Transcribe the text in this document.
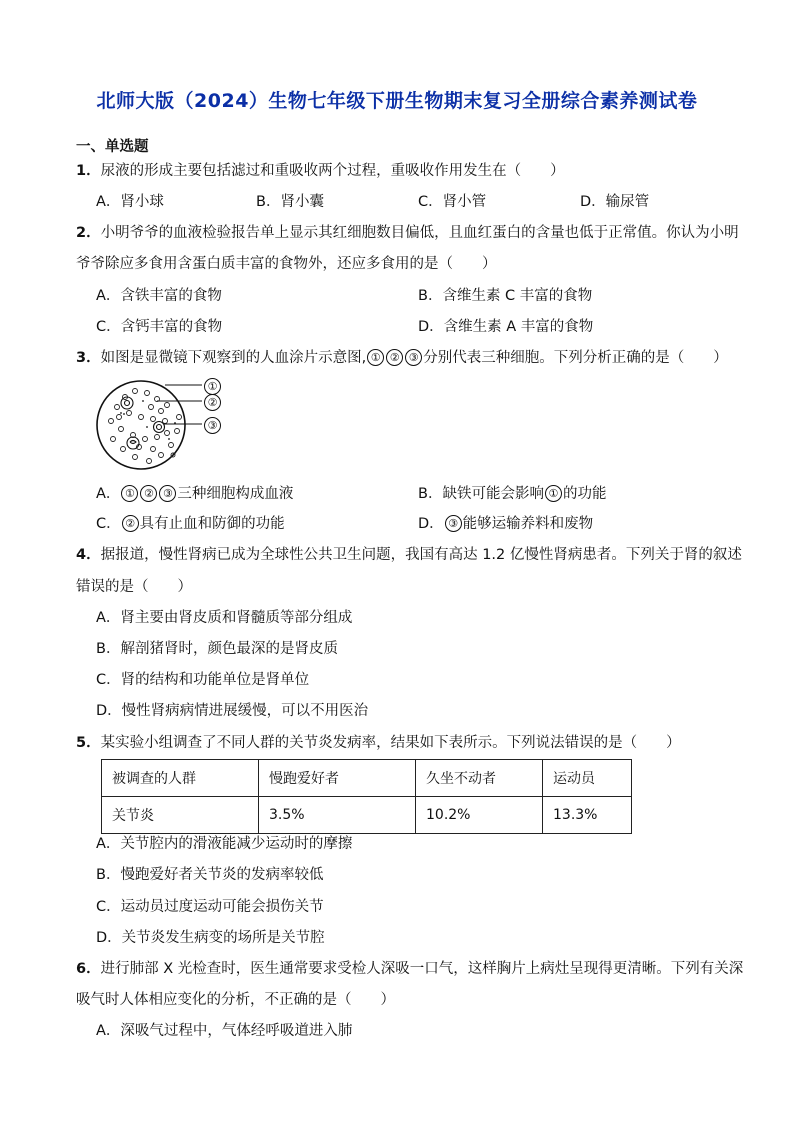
北师大版（2024）生物七年级下册生物期末复习全册综合素养测试卷
一、单选题
1．尿液的形成主要包括滤过和重吸收两个过程，重吸收作用发生在（　　）
A．肾小球	B．肾小囊	C．肾小管	D．输尿管
2．小明爷爷的血液检验报告单上显示其红细胞数目偏低，且血红蛋白的含量也低于正常值。你认为小明
爷爷除应多食用含蛋白质丰富的食物外，还应多食用的是（　　）
A．含铁丰富的食物	B．含维生素 C 丰富的食物
C．含钙丰富的食物	D．含维生素 A 丰富的食物
3．如图是显微镜下观察到的人血涂片示意图, ① ② ③ 分别代表三种细胞。下列分析正确的是（　　）
①
②
③
A． ① ② ③ 三种细胞构成血液	B．缺铁可能会影响 ① 的功能
C． ② 具有止血和防御的功能	D． ③ 能够运输养料和废物
4．据报道，慢性肾病已成为全球性公共卫生问题，我国有高达 1.2 亿慢性肾病患者。下列关于肾的叙述
错误的是（　　）
A．肾主要由肾皮质和肾髓质等部分组成
B．解剖猪肾时，颜色最深的是肾皮质
C．肾的结构和功能单位是肾单位
D．慢性肾病病情进展缓慢，可以不用医治
5．某实验小组调查了不同人群的关节炎发病率，结果如下表所示。下列说法错误的是（　　）
被调查的人群	慢跑爱好者	久坐不动者	运动员
关节炎	3.5%	10.2%	13.3%
A．关节腔内的滑液能减少运动时的摩擦
B．慢跑爱好者关节炎的发病率较低
C．运动员过度运动可能会损伤关节
D．关节炎发生病变的场所是关节腔
6．进行肺部 X 光检查时，医生通常要求受检人深吸一口气，这样胸片上病灶呈现得更清晰。下列有关深
吸气时人体相应变化的分析，不正确的是（　　）
A．深吸气过程中，气体经呼吸道进入肺
